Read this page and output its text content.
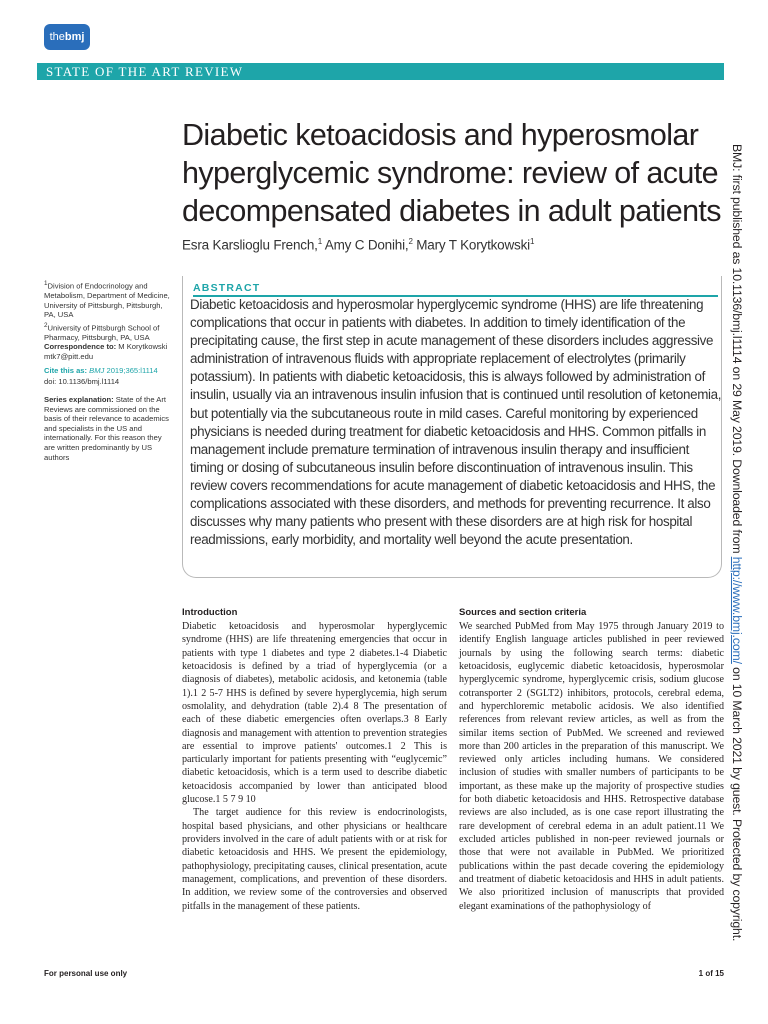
thebmj
STATE OF THE ART REVIEW
Diabetic ketoacidosis and hyperosmolar hyperglycemic syndrome: review of acute decompensated diabetes in adult patients
Esra Karslioglu French,$^1$ Amy C Donihi,$^2$ Mary T Korytkowski$^1$
$^1$Division of Endocrinology and Metabolism, Department of Medicine, University of Pittsburgh, Pittsburgh, PA, USA
$^2$University of Pittsburgh School of Pharmacy, Pittsburgh, PA, USA
Correspondence to: M Korytkowski mtk7@pitt.edu
Cite this as: BMJ 2019;365:l1114
doi: 10.1136/bmj.l1114
Series explanation: State of the Art Reviews are commissioned on the basis of their relevance to academics and specialists in the US and internationally. For this reason they are written predominantly by US authors
ABSTRACT

Diabetic ketoacidosis and hyperosmolar hyperglycemic syndrome (HHS) are life threatening complications that occur in patients with diabetes. In addition to timely identification of the precipitating cause, the first step in acute management of these disorders includes aggressive administration of intravenous fluids with appropriate replacement of electrolytes (primarily potassium). In patients with diabetic ketoacidosis, this is always followed by administration of insulin, usually via an intravenous insulin infusion that is continued until resolution of ketonemia, but potentially via the subcutaneous route in mild cases. Careful monitoring by experienced physicians is needed during treatment for diabetic ketoacidosis and HHS. Common pitfalls in management include premature termination of intravenous insulin therapy and insufficient timing or dosing of subcutaneous insulin before discontinuation of intravenous insulin. This review covers recommendations for acute management of diabetic ketoacidosis and HHS, the complications associated with these disorders, and methods for preventing recurrence. It also discusses why many patients who present with these disorders are at high risk for hospital readmissions, early morbidity, and mortality well beyond the acute presentation.

Introduction

Diabetic ketoacidosis and hyperosmolar hyperglycemic syndrome (HHS) are life threatening emergencies that occur in patients with type 1 diabetes and type 2 diabetes.1-4 Diabetic ketoacidosis is defined by a triad of hyperglycemia (or a diagnosis of diabetes), metabolic acidosis, and ketonemia (table 1).1 2 5-7 HHS is defined by severe hyperglycemia, high serum osmolality, and dehydration (table 2).4 8 The presentation of each of these diabetic emergencies often overlaps.3 8 Early diagnosis and management with attention to prevention strategies are essential to improve patients' outcomes.1 2 This is particularly important for patients presenting with “euglycemic” diabetic ketoacidosis, which is a term used to describe diabetic ketoacidosis accompanied by lower than anticipated blood glucose.1 5 7 9 10

The target audience for this review is endocrinologists, hospital based physicians, and other physicians or healthcare providers involved in the care of adult patients with or at risk for diabetic ketoacidosis and HHS. We present the epidemiology, pathophysiology, precipitating causes, clinical presentation, acute management, complications, and prevention of these disorders. In addition, we review some of the controversies and observed pitfalls in the management of these patients.

Sources and section criteria

We searched PubMed from May 1975 through January 2019 to identify English language articles published in peer reviewed journals by using the following search terms: diabetic ketoacidosis, euglycemic diabetic ketoacidosis, hyperosmolar hyperglycemic syndrome, hyperglycemic crisis, sodium glucose cotransporter 2 (SGLT2) inhibitors, protocols, cerebral edema, and hyperchloremic metabolic acidosis. We also identified references from relevant review articles, as well as from the similar items section of PubMed. We screened and reviewed more than 200 articles in the preparation of this manuscript. We reviewed only articles including humans. We considered inclusion of studies with smaller numbers of participants to be important, as these make up the majority of prospective studies for both diabetic ketoacidosis and HHS. Retrospective database reviews are also included, as is one case report illustrating the rare development of cerebral edema in an adult patient.11 We excluded articles published in non-peer reviewed journals or those that were not available in PubMed. We prioritized publications within the past decade covering the epidemiology and treatment of diabetic ketoacidosis and HHS in adult patients. We also prioritized inclusion of manuscripts that provided elegant examinations of the pathophysiology of

For personal use only	1 of 15
BMJ: first published as 10.1136/bmj.l1114 on 29 May 2019. Downloaded from http://www.bmj.com/ on 10 March 2021 by guest. Protected by copyright.
